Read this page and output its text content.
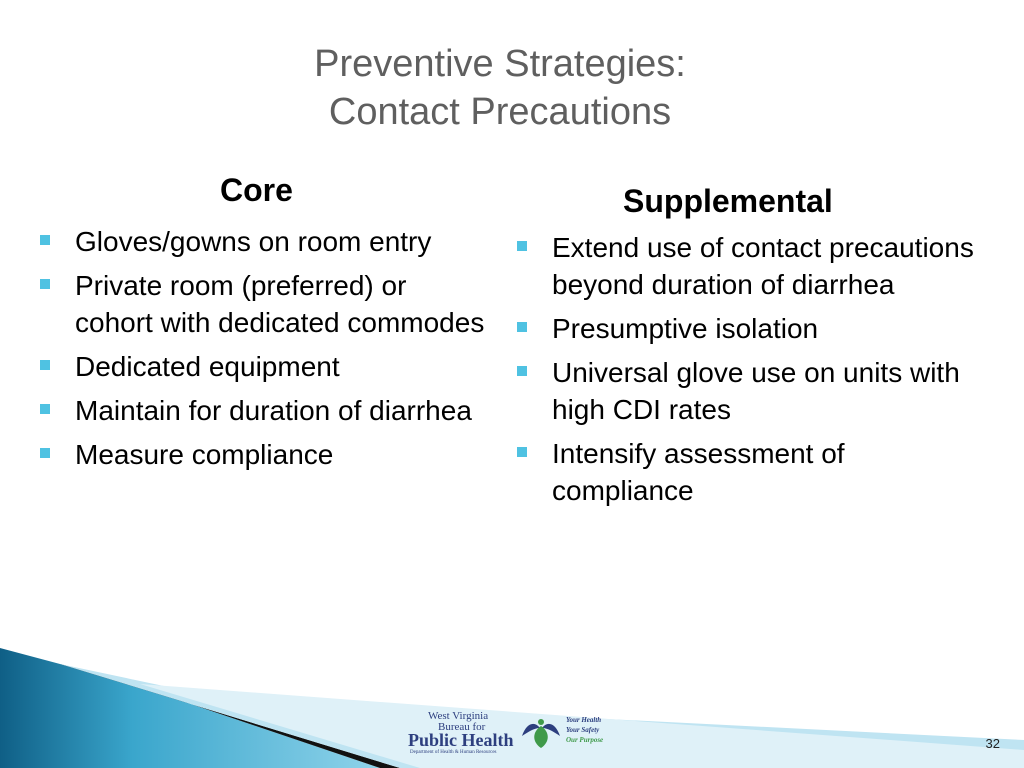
Preventive Strategies:
Contact Precautions
Core
Gloves/gowns on room entry
Private room (preferred) or cohort with dedicated commodes
Dedicated equipment
Maintain for duration of diarrhea
Measure compliance
Supplemental
Extend use of contact precautions beyond duration of diarrhea
Presumptive isolation
Universal glove use on units with high CDI rates
Intensify assessment of compliance
West Virginia
Bureau for
Public Health
Department of Health & Human Resources
Your Health
Your Safety
Our Purpose	32
